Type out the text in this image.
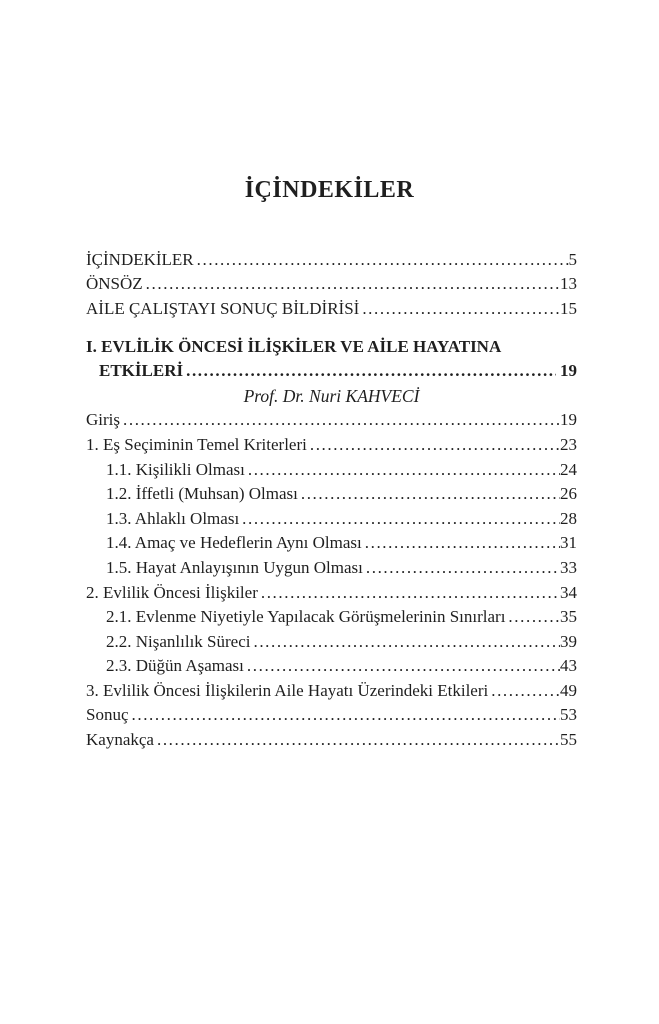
İÇİNDEKİLER
İÇİNDEKİLER .....	5
ÖNSÖZ .....	13
AİLE ÇALIŞTAYI SONUÇ BİLDİRİSİ .....	15
I. EVLİLİK ÖNCESİ İLİŞKİLER VE AİLE HAYATINA
ETKİLERİ .....	19
Prof. Dr. Nuri KAHVECİ
Giriş .....	19
1. Eş Seçiminin Temel Kriterleri .....	23
1.1. Kişilikli Olması .....	24
1.2. İffetli (Muhsan) Olması .....	26
1.3. Ahlaklı Olması .....	28
1.4. Amaç ve Hedeflerin Aynı Olması .....	31
1.5. Hayat Anlayışının Uygun Olması .....	33
2. Evlilik Öncesi İlişkiler .....	34
2.1. Evlenme Niyetiyle Yapılacak Görüşmelerinin Sınırları .....	35
2.2. Nişanlılık Süreci .....	39
2.3. Düğün Aşaması .....	43
3. Evlilik Öncesi İlişkilerin Aile Hayatı Üzerindeki Etkileri .....	49
Sonuç .....	53
Kaynakça .....	55
